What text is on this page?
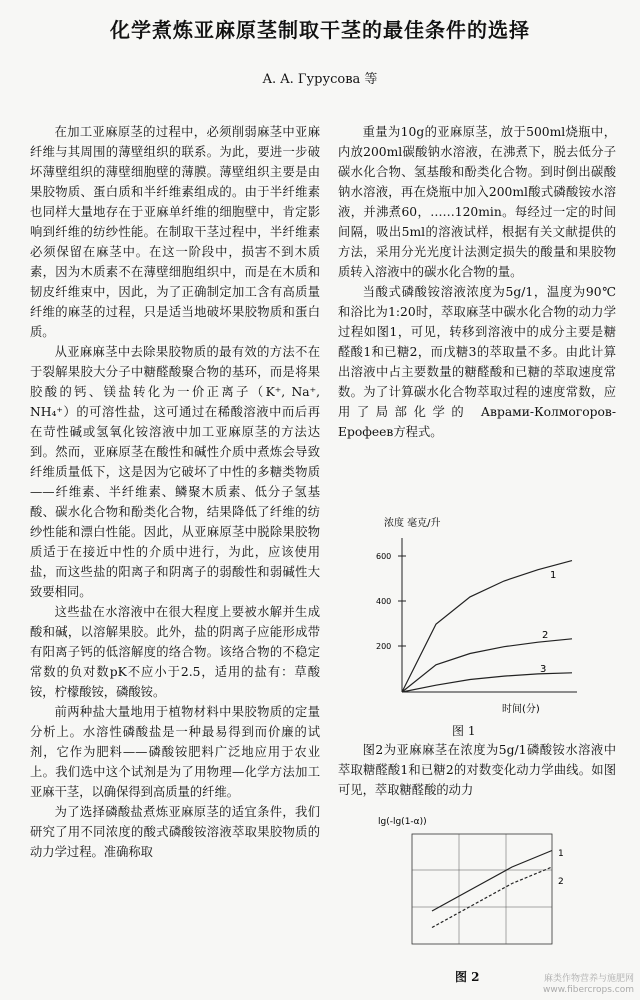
化学煮炼亚麻原茎制取干茎的最佳条件的选择
A. A. Гурусова 等

在加工亚麻原茎的过程中，必须削弱麻茎中亚麻纤维与其周围的薄壁组织的联系。为此，要进一步破坏薄壁组织的薄壁细胞壁的薄膜。薄壁组织主要是由果胶物质、蛋白质和半纤维素组成的。由于半纤维素也同样大量地存在于亚麻单纤维的细胞壁中，肯定影响到纤维的纺纱性能。在制取干茎过程中，半纤维素必须保留在麻茎中。在这一阶段中，损害不到木质素，因为木质素不在薄壁细胞组织中，而是在木质和韧皮纤维束中，因此，为了正确制定加工含有高质量纤维的麻茎的过程，只是适当地破坏果胶物质和蛋白质。

从亚麻麻茎中去除果胶物质的最有效的方法不在于裂解果胶大分子中糖醛酸聚合物的基环，而是将果胶酸的钙、镁盐转化为一价正离子（K⁺, Na⁺, NH₄⁺）的可溶性盐，这可通过在稀酸溶液中而后再在苛性碱或氢氧化铵溶液中加工亚麻原茎的方法达到。然而，亚麻原茎在酸性和碱性介质中煮炼会导致纤维质量低下，这是因为它破坏了中性的多糖类物质——纤维素、半纤维素、鳞聚木质素、低分子氢基酸、碳水化合物和酚类化合物，结果降低了纤维的纺纱性能和漂白性能。因此，从亚麻原茎中脱除果胶物质适于在接近中性的介质中进行，为此，应该使用盐，而这些盐的阳离子和阴离子的弱酸性和弱碱性大致要相同。

这些盐在水溶液中在很大程度上要被水解并生成酸和碱，以溶解果胶。此外，盐的阴离子应能形成带有阳离子钙的低溶解度的络合物。该络合物的不稳定常数的负对数pK不应小于2.5，适用的盐有：草酸铵，柠檬酸铵，磷酸铵。

前两种盐大量地用于植物材料中果胶物质的定量分析上。水溶性磷酸盐是一种最易得到而价廉的试剂，它作为肥料——磷酸铵肥料广泛地应用于农业上。我们选中这个试剂是为了用物理—化学方法加工亚麻干茎，以确保得到高质量的纤维。

为了选择磷酸盐煮炼亚麻原茎的适宜条件，我们研究了用不同浓度的酸式磷酸铵溶液萃取果胶物质的动力学过程。准确称取

重量为10g的亚麻原茎，放于500ml烧瓶中，内放200ml碳酸钠水溶液，在沸煮下，脱去低分子碳水化合物、氢基酸和酚类化合物。到时倒出碳酸钠水溶液，再在烧瓶中加入200ml酸式磷酸铵水溶液，并沸煮60，……120min。每经过一定的时间间隔，吸出5ml的溶液试样，根据有关文献提供的方法，采用分光光度计法测定损失的酸量和果胶物质转入溶液中的碳水化合物的量。

当酸式磷酸铵溶液浓度为5g/1，温度为90℃和浴比为1:20时，萃取麻茎中碳水化合物的动力学过程如图1，可见，转移到溶液中的成分主要是糖醛酸1和已糖2，而戊糖3的萃取量不多。由此计算出溶液中占主要数量的糖醛酸和已糖的萃取速度常数。为了计算碳水化合物萃取过程的速度常数，应用了局部化学的 Аврами-Колмогоров-Ерофеев方程式。

浓度 毫克/升
600
400
200
1
2
3
时间(分)
图 1

图2为亚麻麻茎在浓度为5g/1磷酸铵水溶液中萃取糖醛酸1和已糖2的对数变化动力学曲线。如图可见，萃取糖醛酸的动力

lg(-lg(1-α))
1
2
图 2	麻类作物营养与施肥网
www.fibercrops.com
